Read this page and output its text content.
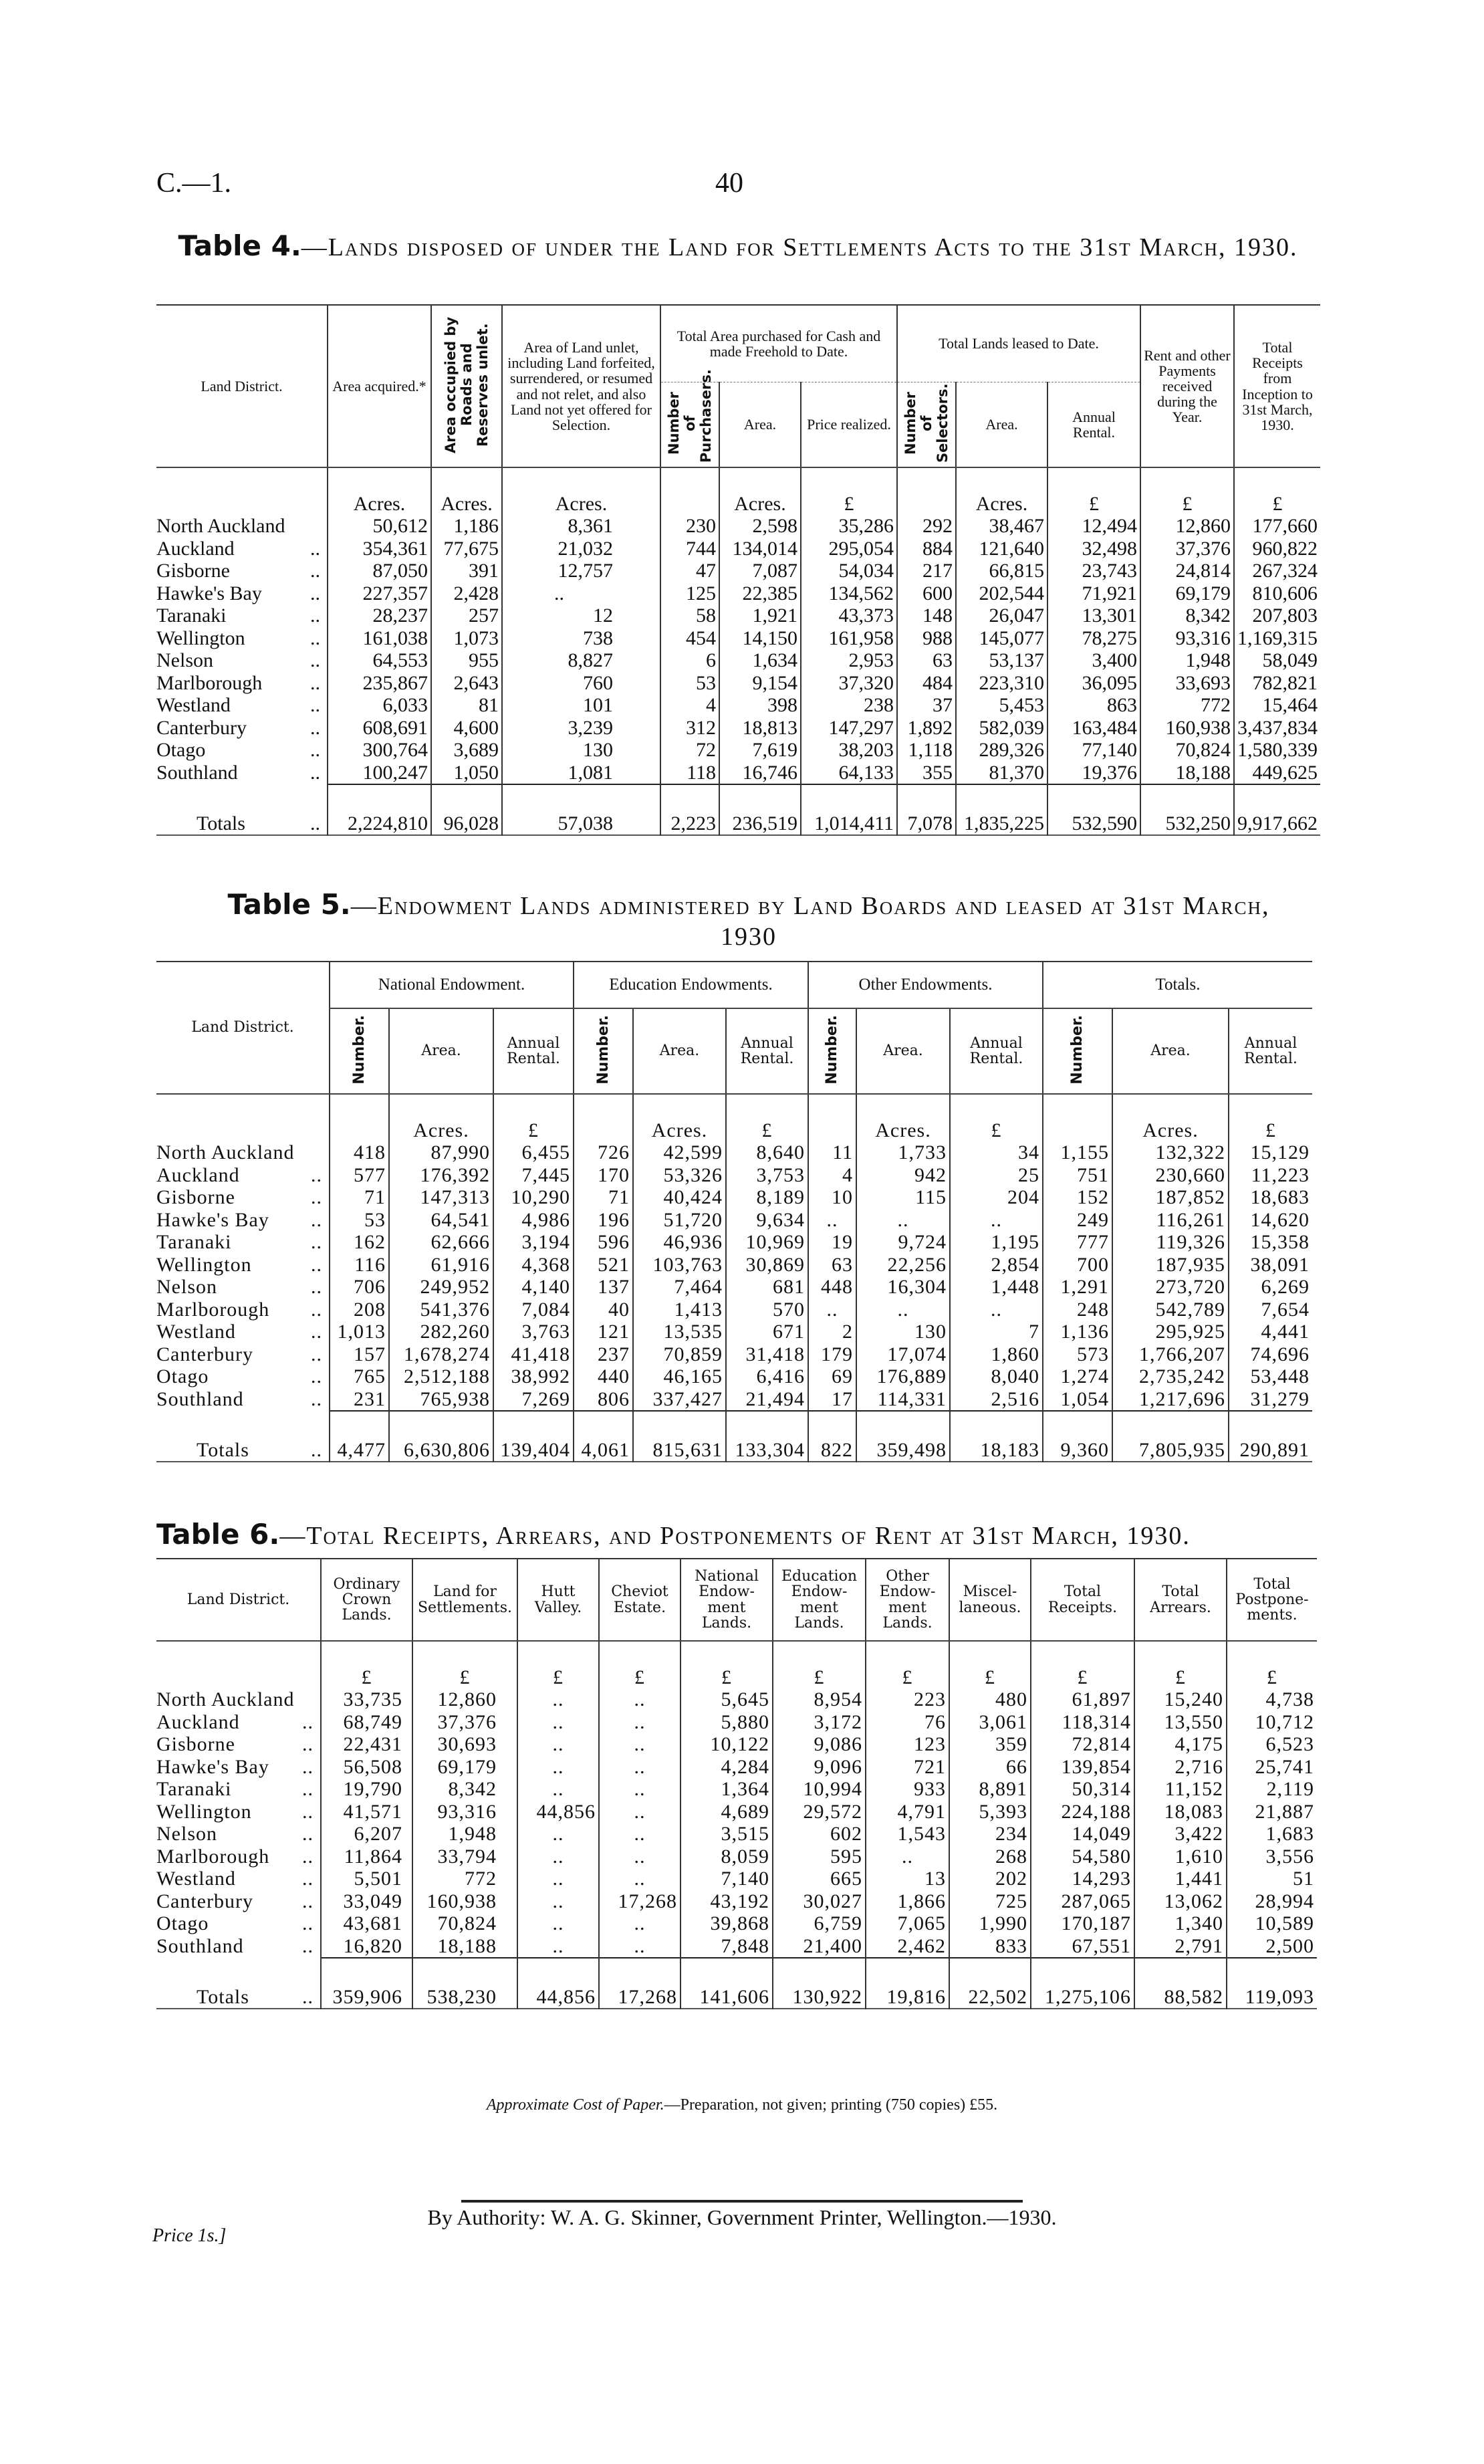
C.—1.	40
Table 4.—Lands disposed of under the Land for Settlements Acts to the 31st March, 1930.
Land District.	Area acquired.*	Area occupied by Roads and Reserves unlet.	Area of Land unlet, including Land forfeited, surrendered, or resumed and not relet, and also Land not yet offered for Selection.	Total Area purchased for Cash and made Freehold to Date.			Total Lands leased to Date.			Rent and other Payments received during the Year.	Total Receipts from Inception to 31st March, 1930.
				Number of Purchasers.	Area.	Price realized.	Number of Selectors.	Area.	Annual Rental.		
	Acres.	Acres.	Acres.		Acres.	£		Acres.	£	£	£
North Auckland	50,612	1,186	8,361	230	2,598	35,286	292	38,467	12,494	12,860	177,660
Auckland ..	354,361	77,675	21,032	744	134,014	295,054	884	121,640	32,498	37,376	960,822
Gisborne ..	87,050	391	12,757	47	7,087	54,034	217	66,815	23,743	24,814	267,324
Hawke's Bay ..	227,357	2,428	..	125	22,385	134,562	600	202,544	71,921	69,179	810,606
Taranaki ..	28,237	257	12	58	1,921	43,373	148	26,047	13,301	8,342	207,803
Wellington ..	161,038	1,073	738	454	14,150	161,958	988	145,077	78,275	93,316	1,169,315
Nelson ..	64,553	955	8,827	6	1,634	2,953	63	53,137	3,400	1,948	58,049
Marlborough ..	235,867	2,643	760	53	9,154	37,320	484	223,310	36,095	33,693	782,821
Westland ..	6,033	81	101	4	398	238	37	5,453	863	772	15,464
Canterbury ..	608,691	4,600	3,239	312	18,813	147,297	1,892	582,039	163,484	160,938	3,437,834
Otago ..	300,764	3,689	130	72	7,619	38,203	1,118	289,326	77,140	70,824	1,580,339
Southland ..	100,247	1,050	1,081	118	16,746	64,133	355	81,370	19,376	18,188	449,625
Totals ..	2,224,810	96,028	57,038	2,223	236,519	1,014,411	7,078	1,835,225	532,590	532,250	9,917,662
Table 5.—Endowment Lands administered by Land Boards and leased at 31st March, 1930
Land District.	National Endowment.			Education Endowments.			Other Endowments.			Totals.		
	Number.	Area.	Annual Rental.	Number.	Area.	Annual Rental.	Number.	Area.	Annual Rental.	Number.	Area.	Annual Rental.
		Acres.	£		Acres.	£		Acres.	£		Acres.	£
North Auckland	418	87,990	6,455	726	42,599	8,640	11	1,733	34	1,155	132,322	15,129
Auckland ..	577	176,392	7,445	170	53,326	3,753	4	942	25	751	230,660	11,223
Gisborne ..	71	147,313	10,290	71	40,424	8,189	10	115	204	152	187,852	18,683
Hawke's Bay ..	53	64,541	4,986	196	51,720	9,634	..	..	..	249	116,261	14,620
Taranaki ..	162	62,666	3,194	596	46,936	10,969	19	9,724	1,195	777	119,326	15,358
Wellington ..	116	61,916	4,368	521	103,763	30,869	63	22,256	2,854	700	187,935	38,091
Nelson ..	706	249,952	4,140	137	7,464	681	448	16,304	1,448	1,291	273,720	6,269
Marlborough ..	208	541,376	7,084	40	1,413	570	..	..	..	248	542,789	7,654
Westland ..	1,013	282,260	3,763	121	13,535	671	2	130	7	1,136	295,925	4,441
Canterbury ..	157	1,678,274	41,418	237	70,859	31,418	179	17,074	1,860	573	1,766,207	74,696
Otago ..	765	2,512,188	38,992	440	46,165	6,416	69	176,889	8,040	1,274	2,735,242	53,448
Southland ..	231	765,938	7,269	806	337,427	21,494	17	114,331	2,516	1,054	1,217,696	31,279
Totals ..	4,477	6,630,806	139,404	4,061	815,631	133,304	822	359,498	18,183	9,360	7,805,935	290,891
Table 6.—Total Receipts, Arrears, and Postponements of Rent at 31st March, 1930.
Land District.	Ordinary Crown Lands.	Land for Settlements.	Hutt Valley.	Cheviot Estate.	National Endow-ment Lands.	Education Endow-ment Lands.	Other Endow-ment Lands.	Miscel-laneous.	Total Receipts.	Total Arrears.	Total Postpone-ments.
	£	£	£	£	£	£	£	£	£	£	£
North Auckland	33,735	12,860	..	..	5,645	8,954	223	480	61,897	15,240	4,738
Auckland ..	68,749	37,376	..	..	5,880	3,172	76	3,061	118,314	13,550	10,712
Gisborne ..	22,431	30,693	..	..	10,122	9,086	123	359	72,814	4,175	6,523
Hawke's Bay ..	56,508	69,179	..	..	4,284	9,096	721	66	139,854	2,716	25,741
Taranaki ..	19,790	8,342	..	..	1,364	10,994	933	8,891	50,314	11,152	2,119
Wellington ..	41,571	93,316	44,856	..	4,689	29,572	4,791	5,393	224,188	18,083	21,887
Nelson ..	6,207	1,948	..	..	3,515	602	1,543	234	14,049	3,422	1,683
Marlborough ..	11,864	33,794	..	..	8,059	595	..	268	54,580	1,610	3,556
Westland ..	5,501	772	..	..	7,140	665	13	202	14,293	1,441	51
Canterbury ..	33,049	160,938	..	17,268	43,192	30,027	1,866	725	287,065	13,062	28,994
Otago ..	43,681	70,824	..	..	39,868	6,759	7,065	1,990	170,187	1,340	10,589
Southland ..	16,820	18,188	..	..	7,848	21,400	2,462	833	67,551	2,791	2,500
Totals ..	359,906	538,230	44,856	17,268	141,606	130,922	19,816	22,502	1,275,106	88,582	119,093
Approximate Cost of Paper.—Preparation, not given; printing (750 copies) £55.
By Authority: W. A. G. Skinner, Government Printer, Wellington.—1930.
Price 1s.]
